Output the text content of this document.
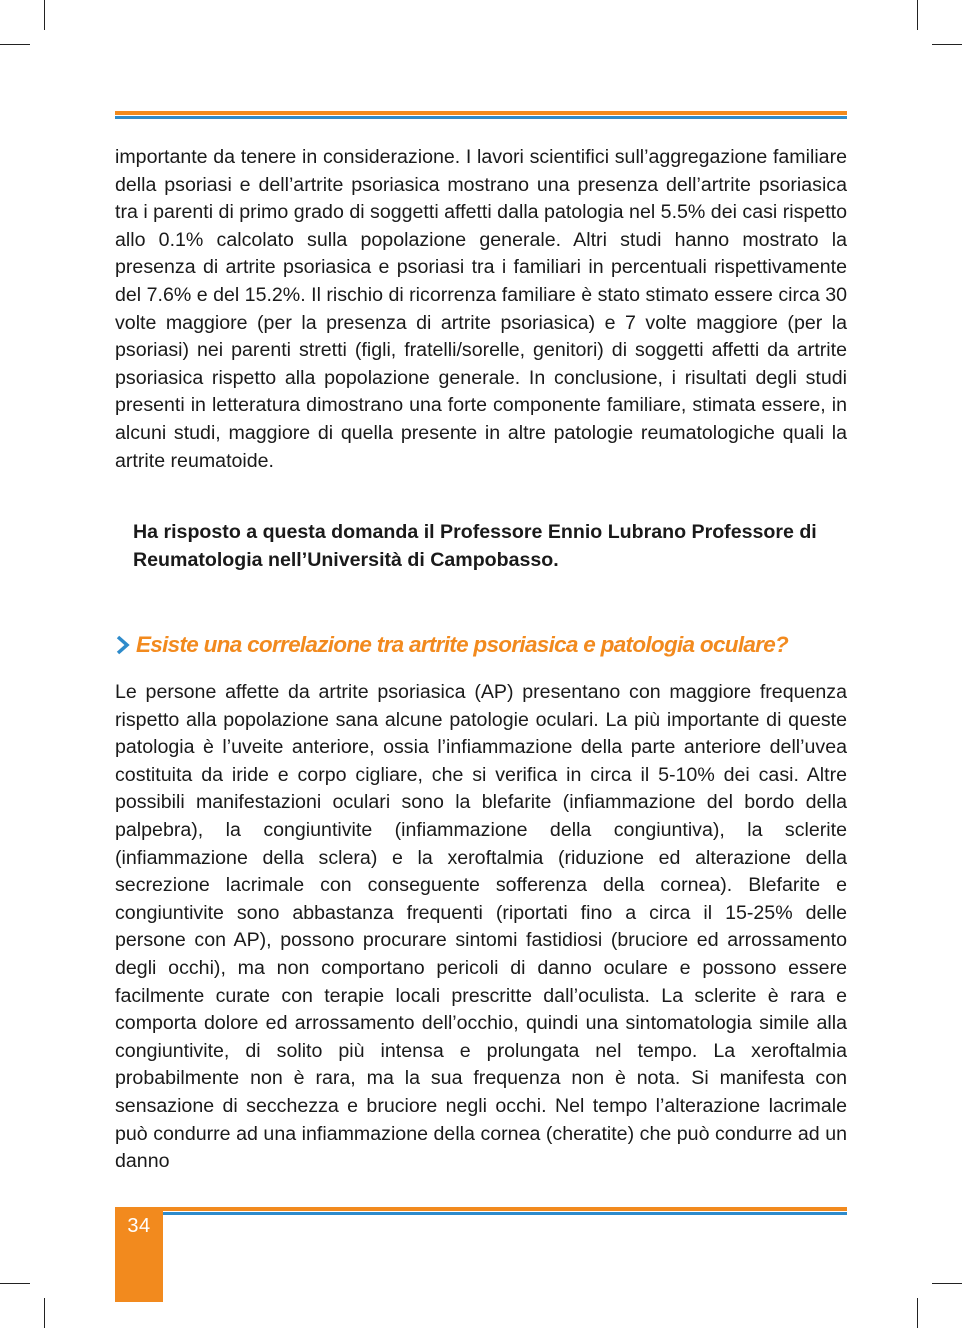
importante da tenere in considerazione. I lavori scientifici sull’aggregazione familiare della psoriasi e dell’artrite psoriasica mostrano una presenza dell’artrite psoriasica tra i parenti di primo grado di soggetti affetti dalla patologia nel 5.5% dei casi rispetto allo 0.1% calcolato sulla popolazione generale. Altri studi hanno mostrato la presenza di artrite psoriasica e psoriasi tra i familiari in percentuali rispettivamente del 7.6% e del 15.2%. Il rischio di ricorrenza familiare è stato stimato essere circa 30 volte maggiore (per la presenza di artrite psoriasica) e 7 volte maggiore (per la psoriasi) nei parenti stretti (figli, fratelli/sorelle, genitori) di soggetti affetti da artrite psoriasica rispetto alla popolazione generale. In conclusione, i risultati degli studi presenti in letteratura dimostrano una forte componente familiare, stimata essere, in alcuni studi, maggiore di quella presente in altre patologie reumatologiche quali la artrite reumatoide.

Ha risposto a questa domanda il Professore Ennio Lubrano Professore di Reumatologia nell’Università di Campobasso.

Esiste una correlazione tra artrite psoriasica e patologia oculare?

Le persone affette da artrite psoriasica (AP) presentano con maggiore frequenza rispetto alla popolazione sana alcune patologie oculari. La più importante di queste patologia è l’uveite anteriore, ossia l’infiammazione della parte anteriore dell’uvea costituita da iride e corpo cigliare, che si verifica in circa il 5-10% dei casi. Altre possibili manifestazioni oculari sono la blefarite (infiammazione del bordo della palpebra), la congiuntivite (infiammazione della congiuntiva), la sclerite (infiammazione della sclera) e la xeroftalmia (riduzione ed alterazione della secrezione lacrimale con conseguente sofferenza della cornea). Blefarite e congiuntivite sono abbastanza frequenti (riportati fino a circa il 15-25% delle persone con AP), possono procurare sintomi fastidiosi (bruciore ed arrossamento degli occhi), ma non comportano pericoli di danno oculare e possono essere facilmente curate con terapie locali prescritte dall’oculista. La sclerite è rara e comporta dolore ed arrossamento dell’occhio, quindi una sintomatologia simile alla congiuntivite, di solito più intensa e prolungata nel tempo. La xeroftalmia probabilmente non è rara, ma la sua frequenza non è nota. Si manifesta con sensazione di secchezza e bruciore negli occhi. Nel tempo l’alterazione lacrimale può condurre ad una infiammazione della cornea (cheratite) che può condurre ad un danno

34
